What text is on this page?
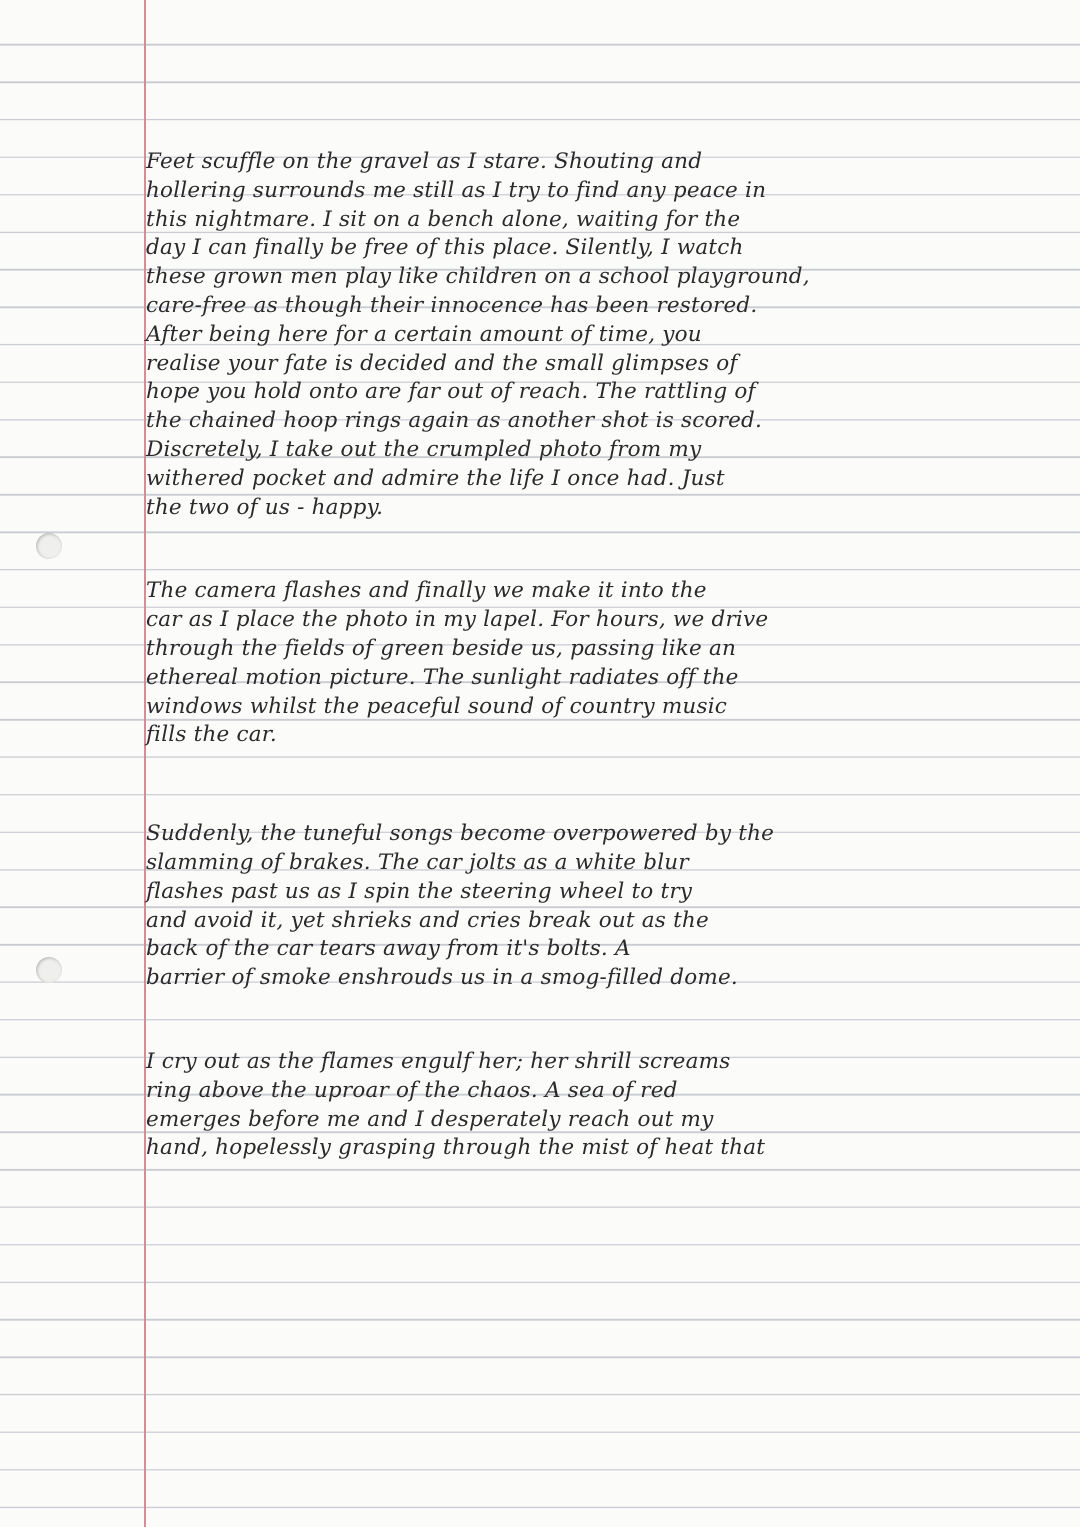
Feet scuffle on the gravel as I stare. Shouting and
hollering surrounds me still as I try to find any peace in
this nightmare. I sit on a bench alone, waiting for the
day I can finally be free of this place. Silently, I watch
these grown men play like children on a school playground,
care-free as though their innocence has been restored.
After being here for a certain amount of time, you
realise your fate is decided and the small glimpses of
hope you hold onto are far out of reach. The rattling of
the chained hoop rings again as another shot is scored.
Discretely, I take out the crumpled photo from my
withered pocket and admire the life I once had. Just
the two of us - happy.
The camera flashes and finally we make it into the
car as I place the photo in my lapel. For hours, we drive
through the fields of green beside us, passing like an
ethereal motion picture. The sunlight radiates off the
windows whilst the peaceful sound of country music
fills the car.
Suddenly, the tuneful songs become overpowered by the
slamming of brakes. The car jolts as a white blur
flashes past us as I spin the steering wheel to try
and avoid it, yet shrieks and cries break out as the
back of the car tears away from it's bolts. A
barrier of smoke enshrouds us in a smog-filled dome.
I cry out as the flames engulf her; her shrill screams
ring above the uproar of the chaos. A sea of red
emerges before me and I desperately reach out my
hand, hopelessly grasping through the mist of heat that
